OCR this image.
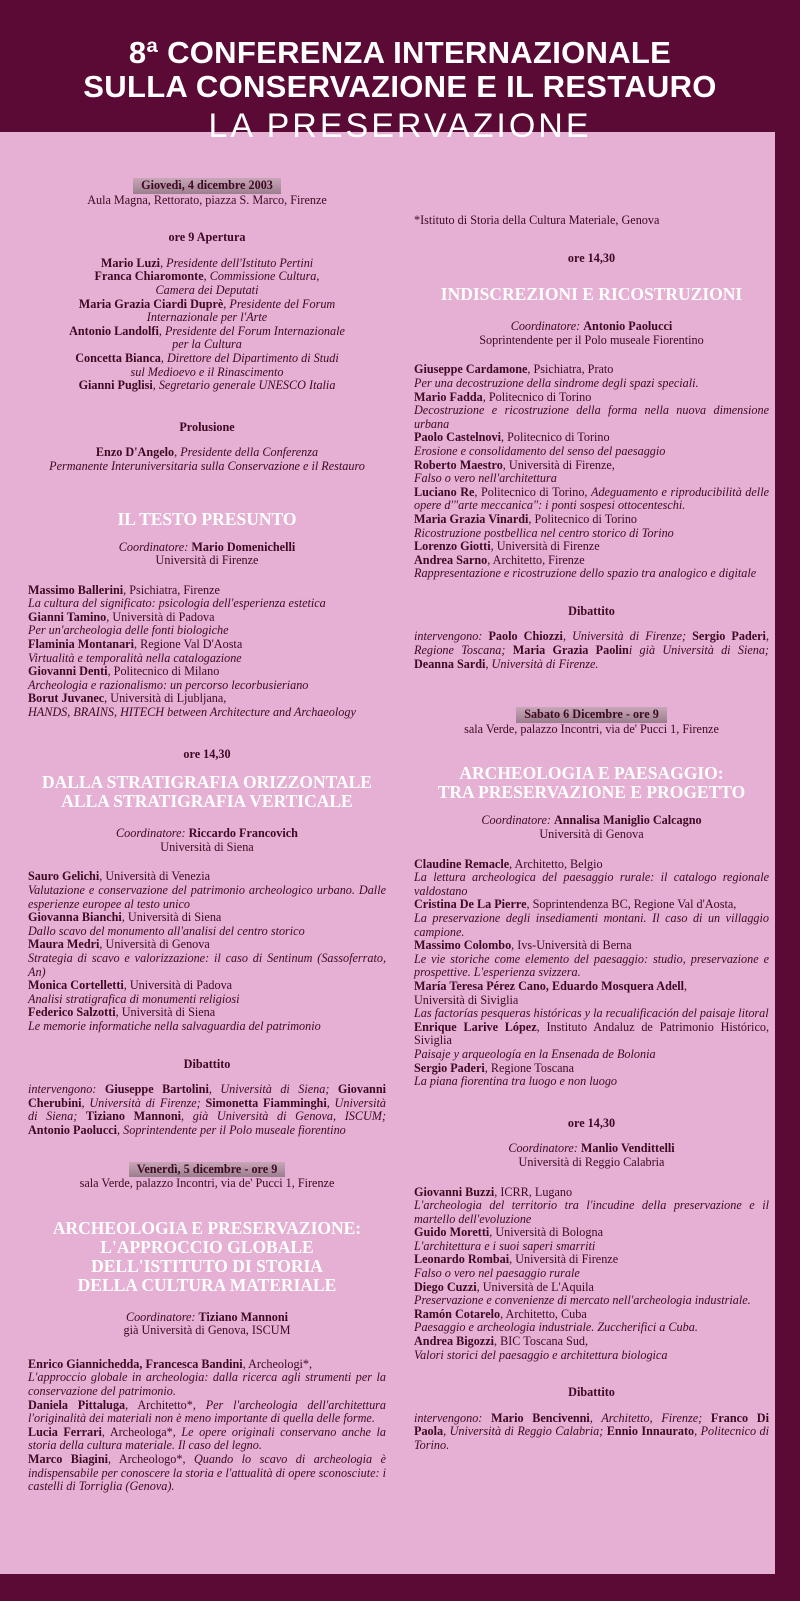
8ª CONFERENZA INTERNAZIONALE
SULLA CONSERVAZIONE E IL RESTAURO
LA PRESERVAZIONE
Giovedì, 4 dicembre 2003
Aula Magna, Rettorato, piazza S. Marco, Firenze
ore 9 Apertura
Mario Luzi, Presidente dell'Istituto Pertini
Franca Chiaromonte, Commissione Cultura,
Camera dei Deputati
Maria Grazia Ciardi Duprè, Presidente del Forum
Internazionale per l'Arte
Antonio Landolfi, Presidente del Forum Internazionale
per la Cultura
Concetta Bianca, Direttore del Dipartimento di Studi
sul Medioevo e il Rinascimento
Gianni Puglisi, Segretario generale UNESCO Italia
Prolusione
Enzo D'Angelo, Presidente della Conferenza
Permanente Interuniversitaria sulla Conservazione e il Restauro
IL TESTO PRESUNTO
Coordinatore: Mario Domenichelli
Università di Firenze
Massimo Ballerini, Psichiatra, Firenze
La cultura del significato: psicologia dell'esperienza estetica
Gianni Tamino, Università di Padova
Per un'archeologia delle fonti biologiche
Flaminia Montanari, Regione Val D'Aosta
Virtualità e temporalità nella catalogazione
Giovanni Denti, Politecnico di Milano
Archeologia e razionalismo: un percorso lecorbusieriano
Borut Juvanec, Università di Ljubljana,
HANDS, BRAINS, HITECH between Architecture and Archaeology
ore 14,30
DALLA STRATIGRAFIA ORIZZONTALE
ALLA STRATIGRAFIA VERTICALE
Coordinatore: Riccardo Francovich
Università di Siena
Sauro Gelichi, Università di Venezia
Valutazione e conservazione del patrimonio archeologico urbano. Dalle esperienze europee al testo unico
Giovanna Bianchi, Università di Siena
Dallo scavo del monumento all'analisi del centro storico
Maura Medri, Università di Genova
Strategia di scavo e valorizzazione: il caso di Sentinum (Sassoferrato, An)
Monica Cortelletti, Università di Padova
Analisi stratigrafica di monumenti religiosi
Federico Salzotti, Università di Siena
Le memorie informatiche nella salvaguardia del patrimonio
Dibattito
intervengono: Giuseppe Bartolini, Università di Siena; Giovanni Cherubini, Università di Firenze; Simonetta Fiamminghi, Università di Siena; Tiziano Mannoni, già Università di Genova, ISCUM; Antonio Paolucci, Soprintendente per il Polo museale fiorentino
Venerdì, 5 dicembre - ore 9
sala Verde, palazzo Incontri, via de' Pucci 1, Firenze
ARCHEOLOGIA E PRESERVAZIONE:
L'APPROCCIO GLOBALE
DELL'ISTITUTO DI STORIA
DELLA CULTURA MATERIALE
Coordinatore: Tiziano Mannoni
già Università di Genova, ISCUM
Enrico Giannichedda, Francesca Bandini, Archeologi*,
L'approccio globale in archeologia: dalla ricerca agli strumenti per la conservazione del patrimonio.
Daniela Pittaluga, Architetto*, Per l'archeologia dell'architettura l'originalità dei materiali non è meno importante di quella delle forme.
Lucia Ferrari, Archeologa*, Le opere originali conservano anche la storia della cultura materiale. Il caso del legno.
Marco Biagini, Archeologo*, Quando lo scavo di archeologia è indispensabile per conoscere la storia e l'attualità di opere sconosciute: i castelli di Torriglia (Genova).
*Istituto di Storia della Cultura Materiale, Genova
ore 14,30
INDISCREZIONI E RICOSTRUZIONI
Coordinatore: Antonio Paolucci
Soprintendente per il Polo museale Fiorentino
Giuseppe Cardamone, Psichiatra, Prato
Per una decostruzione della sindrome degli spazi speciali.
Mario Fadda, Politecnico di Torino
Decostruzione e ricostruzione della forma nella nuova dimensione urbana
Paolo Castelnovi, Politecnico di Torino
Erosione e consolidamento del senso del paesaggio
Roberto Maestro, Università di Firenze,
Falso o vero nell'architettura
Luciano Re, Politecnico di Torino, Adeguamento e riproducibilità delle opere d'"arte meccanica": i ponti sospesi ottocenteschi.
Maria Grazia Vinardi, Politecnico di Torino
Ricostruzione postbellica nel centro storico di Torino
Lorenzo Giotti, Università di Firenze
Andrea Sarno, Architetto, Firenze
Rappresentazione e ricostruzione dello spazio tra analogico e digitale
Dibattito
intervengono: Paolo Chiozzi, Università di Firenze; Sergio Paderi, Regione Toscana; Maria Grazia Paolini già Università di Siena; Deanna Sardi, Università di Firenze.
Sabato 6 Dicembre - ore 9
sala Verde, palazzo Incontri, via de' Pucci 1, Firenze
ARCHEOLOGIA E PAESAGGIO:
TRA PRESERVAZIONE E PROGETTO
Coordinatore: Annalisa Maniglio Calcagno
Università di Genova
Claudine Remacle, Architetto, Belgio
La lettura archeologica del paesaggio rurale: il catalogo regionale valdostano
Cristina De La Pierre, Soprintendenza BC, Regione Val d'Aosta,
La preservazione degli insediamenti montani. Il caso di un villaggio campione.
Massimo Colombo, Ivs-Università di Berna
Le vie storiche come elemento del paesaggio: studio, preservazione e prospettive. L'esperienza svizzera.
María Teresa Pérez Cano, Eduardo Mosquera Adell,
Università di Siviglia
Las factorías pesqueras históricas y la recualificación del paisaje litoral
Enrique Larive López, Instituto Andaluz de Patrimonio Histórico, Siviglia
Paisaje y arqueología en la Ensenada de Bolonia
Sergio Paderi, Regione Toscana
La piana fiorentina tra luogo e non luogo
ore 14,30
Coordinatore: Manlio Vendittelli
Università di Reggio Calabria
Giovanni Buzzi, ICRR, Lugano
L'archeologia del territorio tra l'incudine della preservazione e il martello dell'evoluzione
Guido Moretti, Università di Bologna
L'architettura e i suoi saperi smarriti
Leonardo Rombai, Università di Firenze
Falso o vero nel paesaggio rurale
Diego Cuzzi, Università de L'Aquila
Preservazione e convenienze di mercato nell'archeologia industriale.
Ramón Cotarelo, Architetto, Cuba
Paesaggio e archeologia industriale. Zuccherifici a Cuba.
Andrea Bigozzi, BIC Toscana Sud,
Valori storici del paesaggio e architettura biologica
Dibattito
intervengono: Mario Bencivenni, Architetto, Firenze; Franco Di Paola, Università di Reggio Calabria; Ennio Innaurato, Politecnico di Torino.
